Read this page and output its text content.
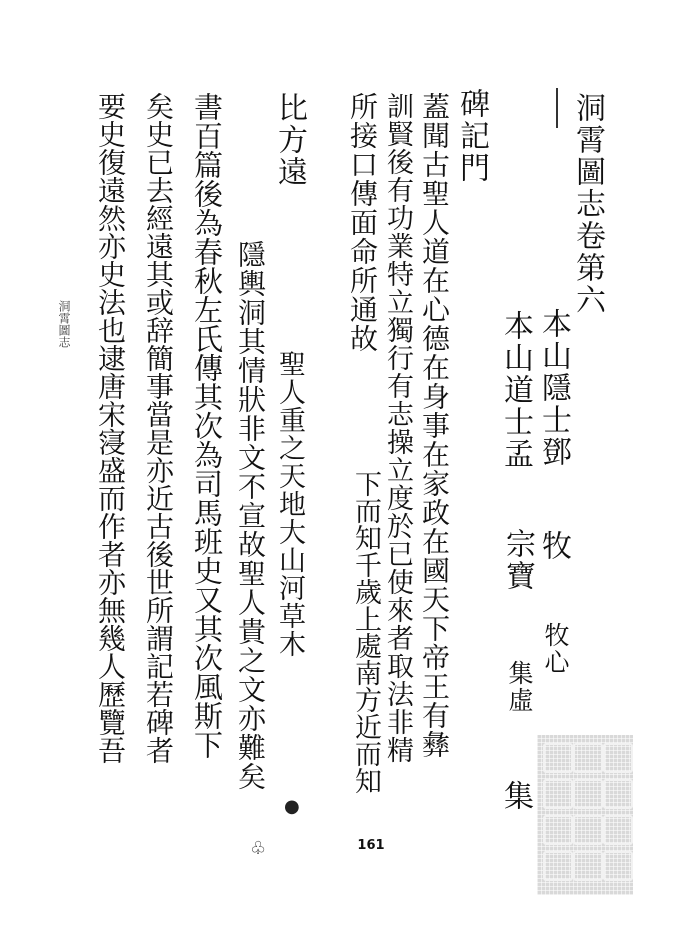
洞霄圖志
洞霄圖志卷第六
本山隱士鄧
牧
牧心
本山道士孟
宗寶
集虛
集
碑記門
蓋聞古聖人道在心德在身事在家政在國天下帝王有彝
訓賢後有功業特立獨行有志操立度於已使來者取法非精
所接口傳面命所通故
下而知千歲上處南方近而知
比方遠
聖人重之天地大山河草木
隱輿洞其情狀非文不宣故聖人貴之文亦難矣
書百篇後為春秋左氏傳其次為司馬班史又其次風斯下
矣史已去經遠其或辞簡事當是亦近古後世所謂記若碑者
要史復遠然亦史法也逮唐宋寖盛而作者亦無幾人歷覽吾
●
♧	161
